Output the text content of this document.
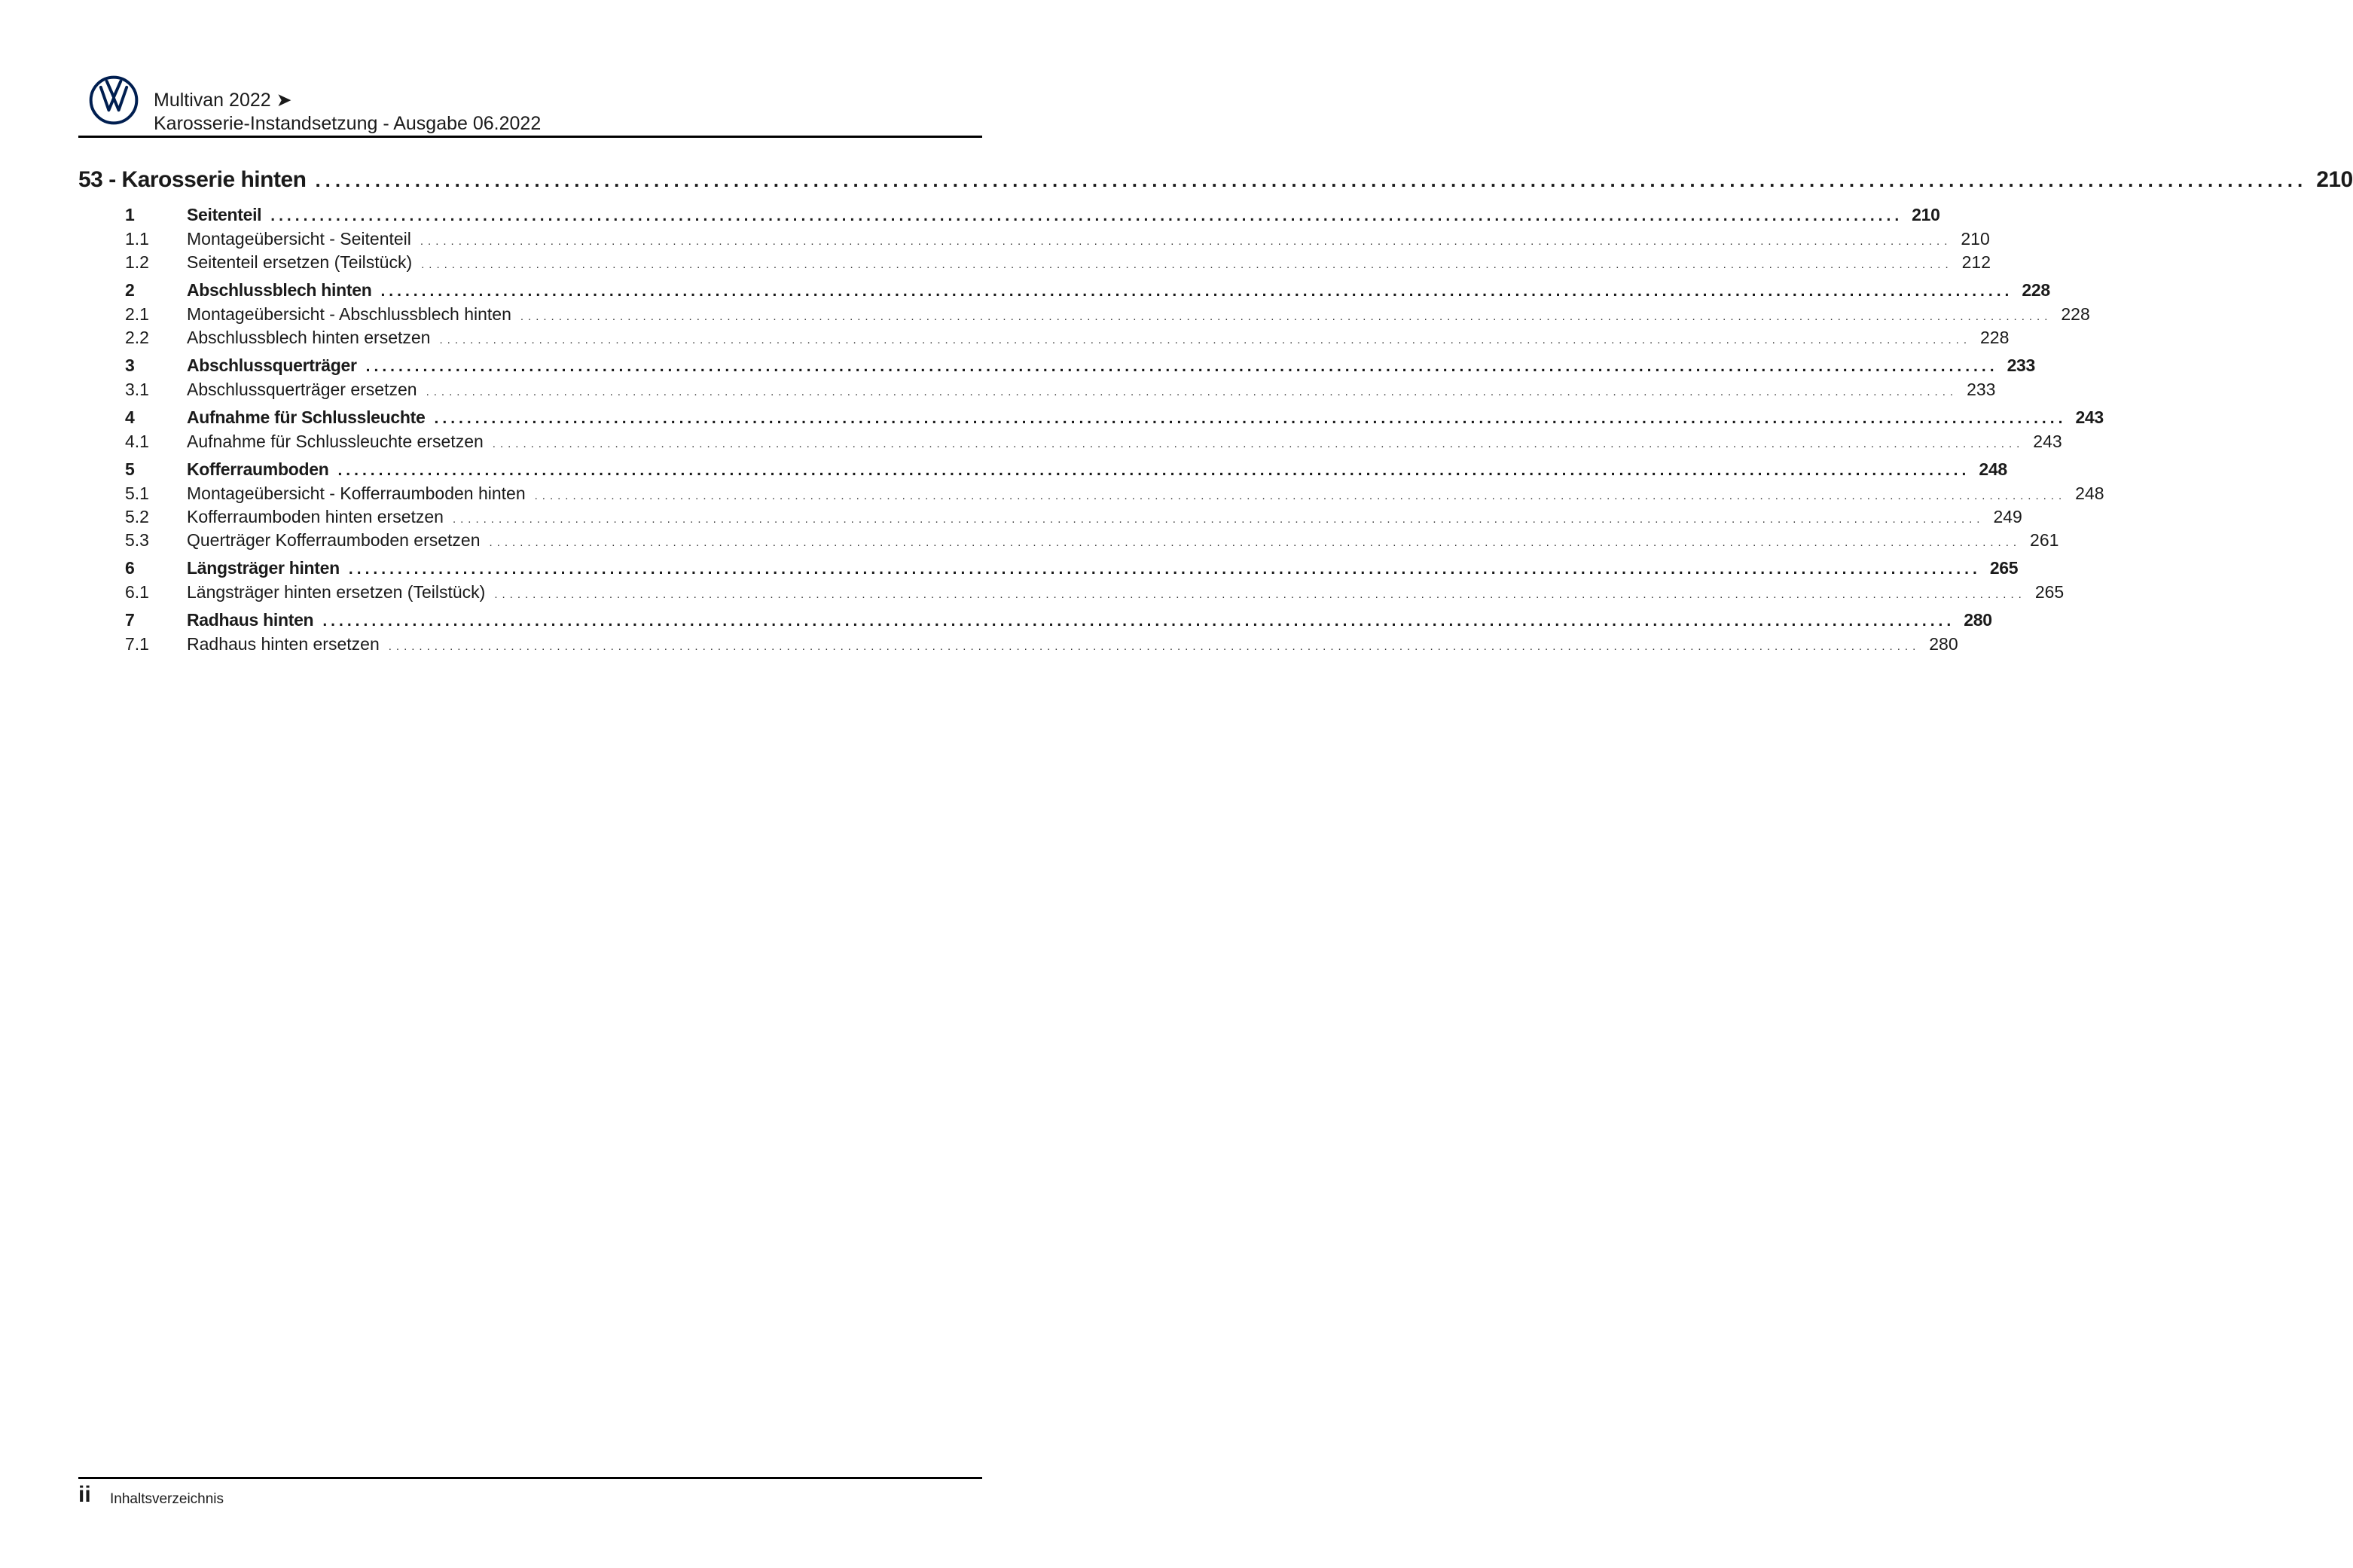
Multivan 2022 ➤
Karosserie-Instandsetzung - Ausgabe 06.2022
53 - Karosserie hinten ........................................................................................................................................................................................................ 210
1	Seitenteil ........................................................................................................................................................................................................ 210
1.1	Montageübersicht - Seitenteil ........................................................................................................................................................................................................ 210
1.2	Seitenteil ersetzen (Teilstück) ........................................................................................................................................................................................................ 212
2	Abschlussblech hinten ........................................................................................................................................................................................................ 228
2.1	Montageübersicht - Abschlussblech hinten ........................................................................................................................................................................................................ 228
2.2	Abschlussblech hinten ersetzen ........................................................................................................................................................................................................ 228
3	Abschlussquerträger ........................................................................................................................................................................................................ 233
3.1	Abschlussquerträger ersetzen ........................................................................................................................................................................................................ 233
4	Aufnahme für Schlussleuchte ........................................................................................................................................................................................................ 243
4.1	Aufnahme für Schlussleuchte ersetzen ........................................................................................................................................................................................................ 243
5	Kofferraumboden ........................................................................................................................................................................................................ 248
5.1	Montageübersicht - Kofferraumboden hinten ........................................................................................................................................................................................................ 248
5.2	Kofferraumboden hinten ersetzen ........................................................................................................................................................................................................ 249
5.3	Querträger Kofferraumboden ersetzen ........................................................................................................................................................................................................ 261
6	Längsträger hinten ........................................................................................................................................................................................................ 265
6.1	Längsträger hinten ersetzen (Teilstück) ........................................................................................................................................................................................................ 265
7	Radhaus hinten ........................................................................................................................................................................................................ 280
7.1	Radhaus hinten ersetzen ........................................................................................................................................................................................................ 280
ii Inhaltsverzeichnis
